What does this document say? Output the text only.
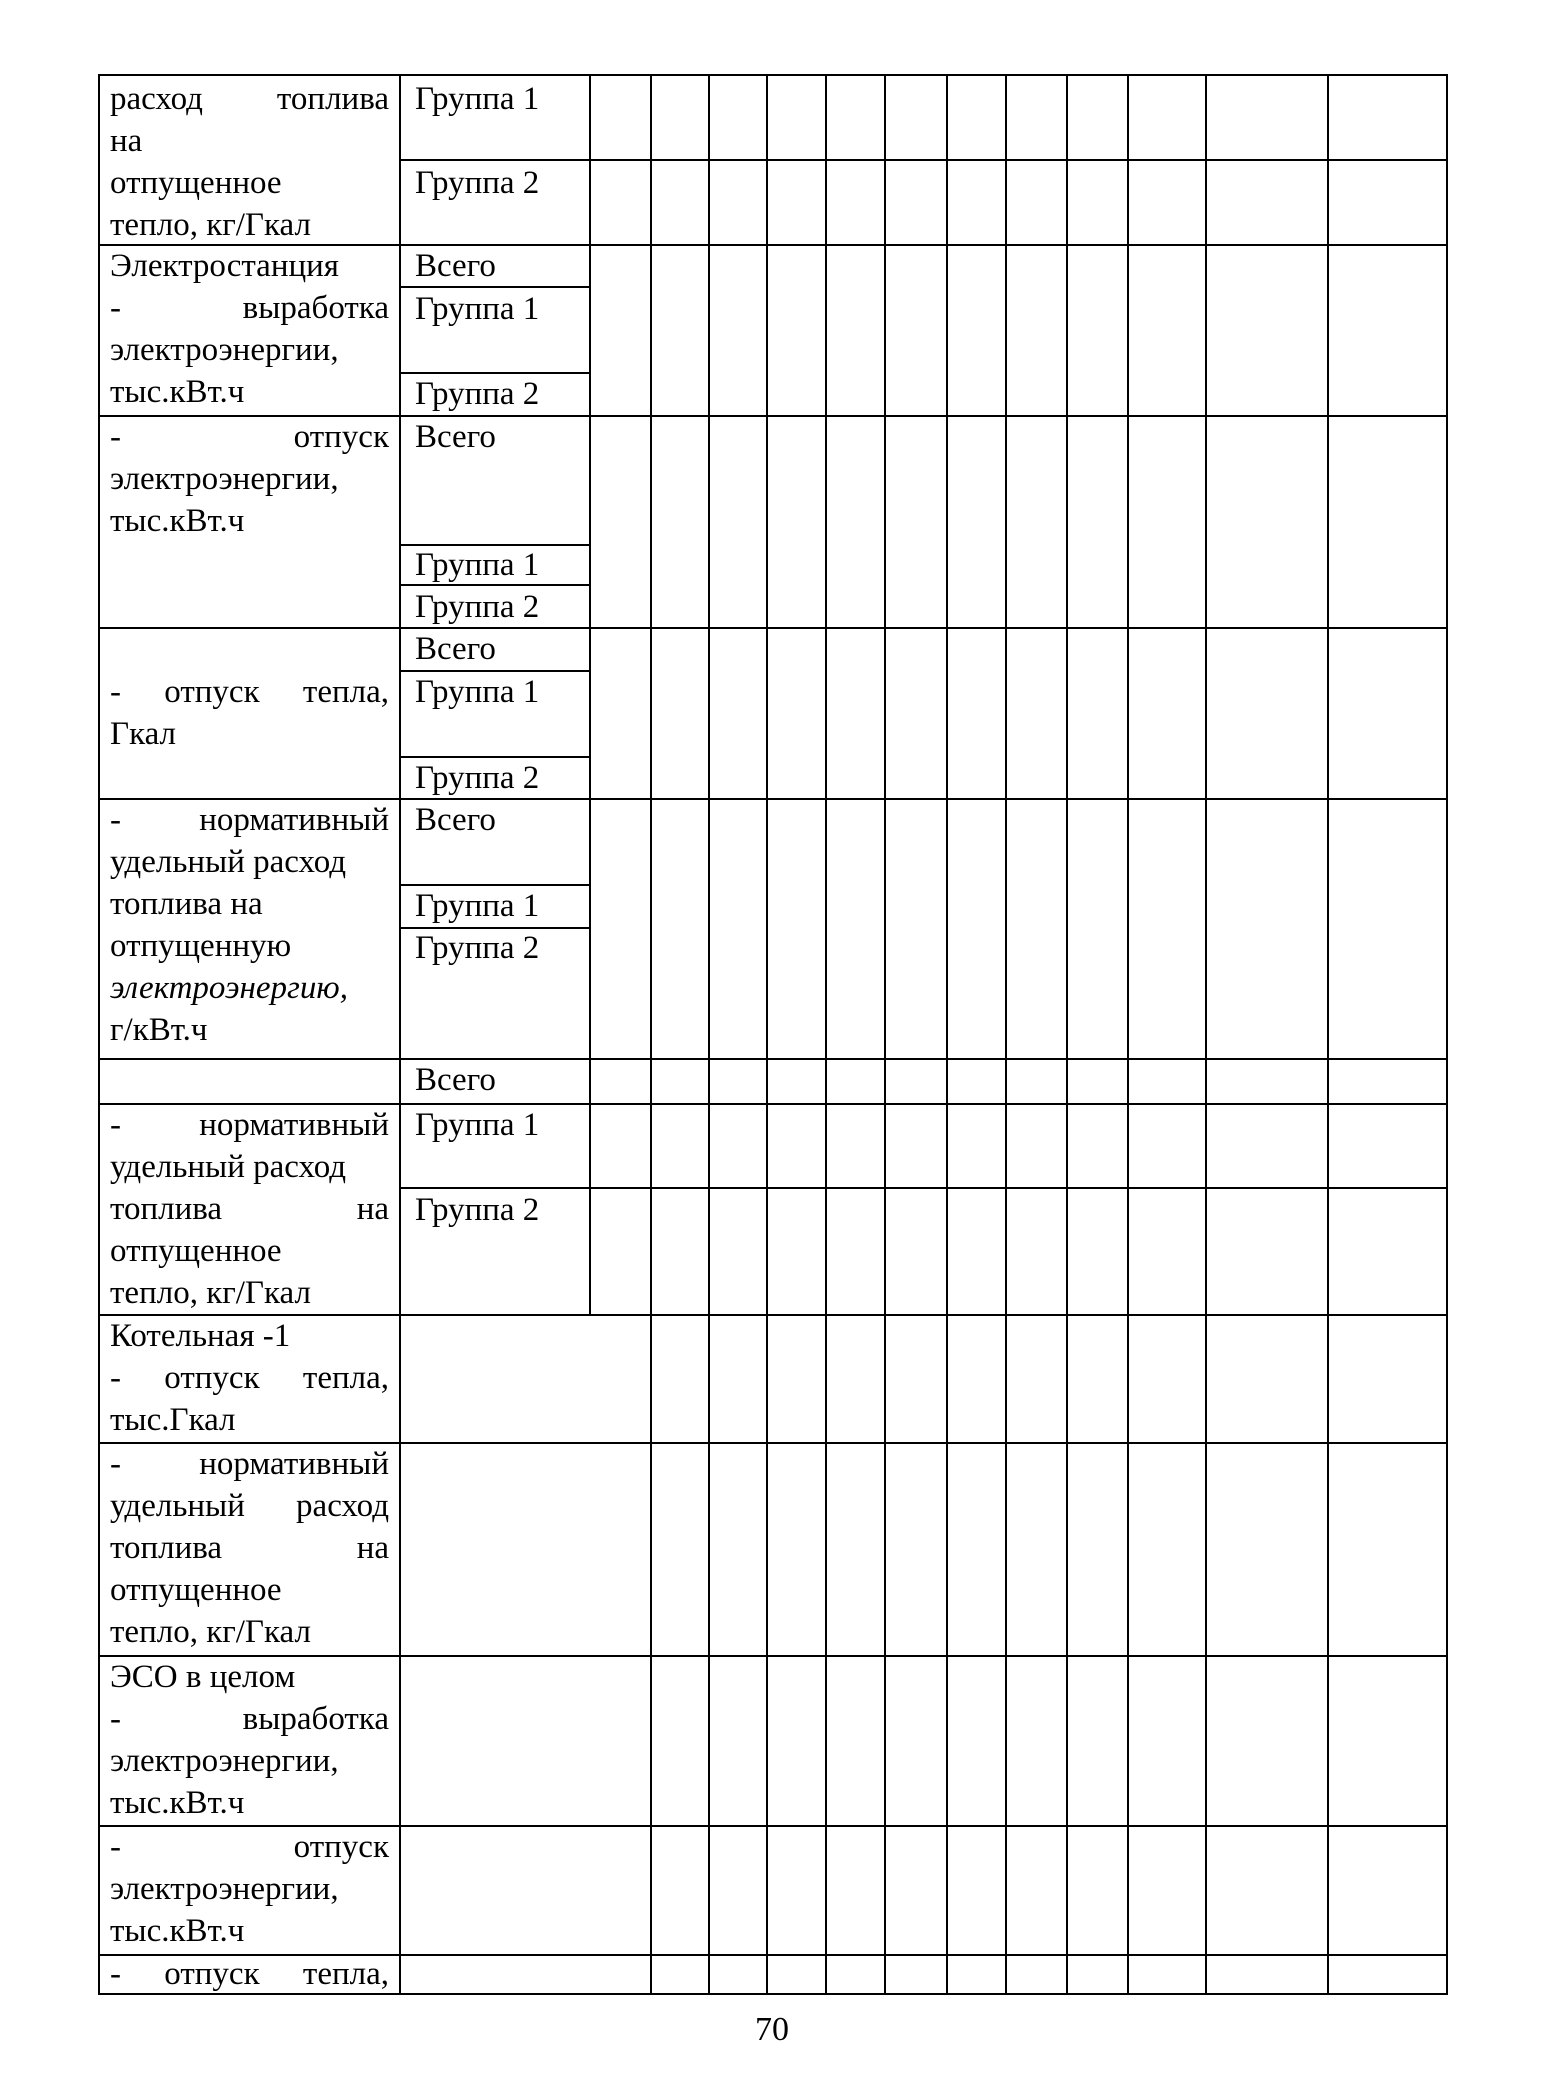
расход топлива
на
отпущенное
тепло, кг/Гкал
Группа 1
Группа 2
Электростанция
- выработка
электроэнергии,
тыс.кВт.ч
Всего
Группа 1
Группа 2
- отпуск
электроэнергии,
тыс.кВт.ч
Всего
Группа 1
Группа 2
Всего
- отпуск тепла,
Гкал
Группа 1
Группа 2
- нормативный
удельный расход
топлива на
отпущенную
электроэнергию,
г/кВт.ч
Всего
Группа 1
Группа 2
Всего
- нормативный
удельный расход
топлива на
отпущенное
тепло, кг/Гкал
Группа 1
Группа 2
Котельная -1
- отпуск тепла,
тыс.Гкал
- нормативный
удельный расход
топлива на
отпущенное
тепло, кг/Гкал
ЭСО в целом
- выработка
электроэнергии,
тыс.кВт.ч
- отпуск
электроэнергии,
тыс.кВт.ч
- отпуск тепла,
70
